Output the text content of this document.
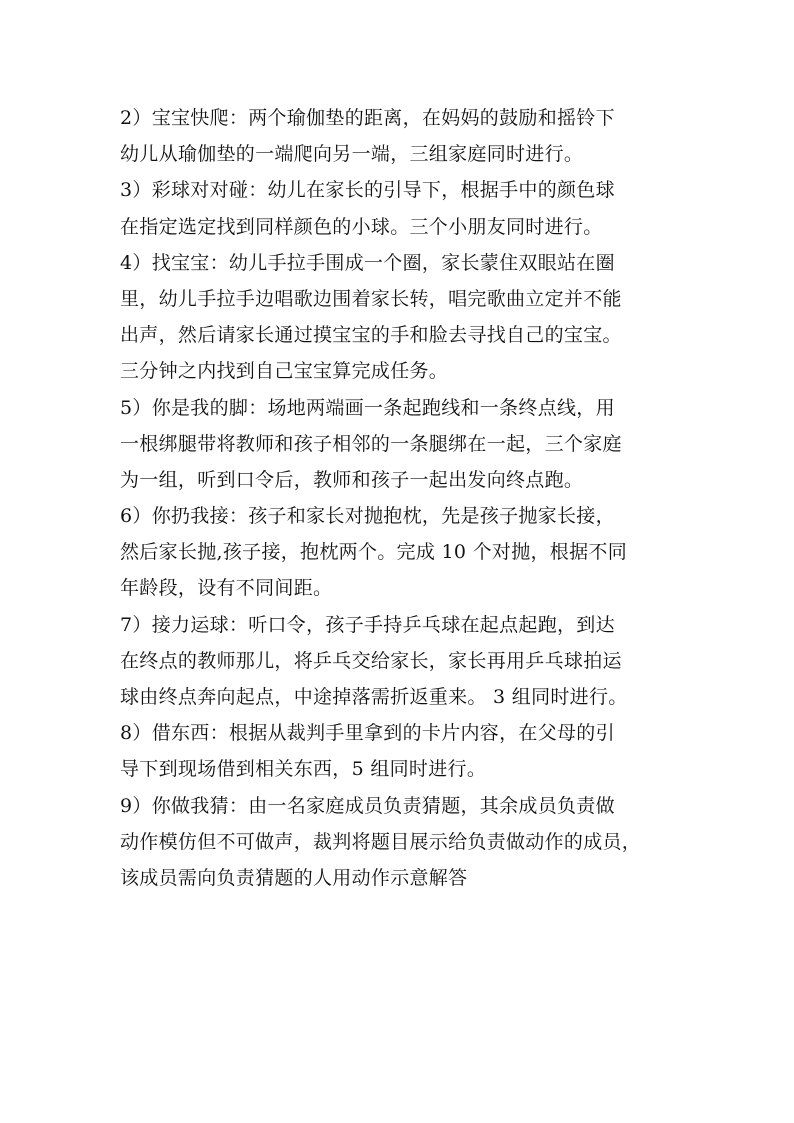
2）宝宝快爬：两个瑜伽垫的距离，在妈妈的鼓励和摇铃下
幼儿从瑜伽垫的一端爬向另一端，三组家庭同时进行。
3）彩球对对碰：幼儿在家长的引导下，根据手中的颜色球
在指定选定找到同样颜色的小球。三个小朋友同时进行。
4）找宝宝：幼儿手拉手围成一个圈，家长蒙住双眼站在圈
里，幼儿手拉手边唱歌边围着家长转，唱完歌曲立定并不能
出声，然后请家长通过摸宝宝的手和脸去寻找自己的宝宝。
三分钟之内找到自己宝宝算完成任务。
5）你是我的脚：场地两端画一条起跑线和一条终点线，用
一根绑腿带将教师和孩子相邻的一条腿绑在一起，三个家庭
为一组，听到口令后，教师和孩子一起出发向终点跑。
6）你扔我接：孩子和家长对抛抱枕，先是孩子抛家长接，
然后家长抛,孩子接，抱枕两个。完成 10 个对抛，根据不同
年龄段，设有不同间距。
7）接力运球：听口令，孩子手持乒乓球在起点起跑，到达
在终点的教师那儿，将乒乓交给家长，家长再用乒乓球拍运
球由终点奔向起点，中途掉落需折返重来。 3 组同时进行。
8）借东西：根据从裁判手里拿到的卡片内容，在父母的引
导下到现场借到相关东西，5 组同时进行。
9）你做我猜：由一名家庭成员负责猜题，其余成员负责做
动作模仿但不可做声，裁判将题目展示给负责做动作的成员，
该成员需向负责猜题的人用动作示意解答
